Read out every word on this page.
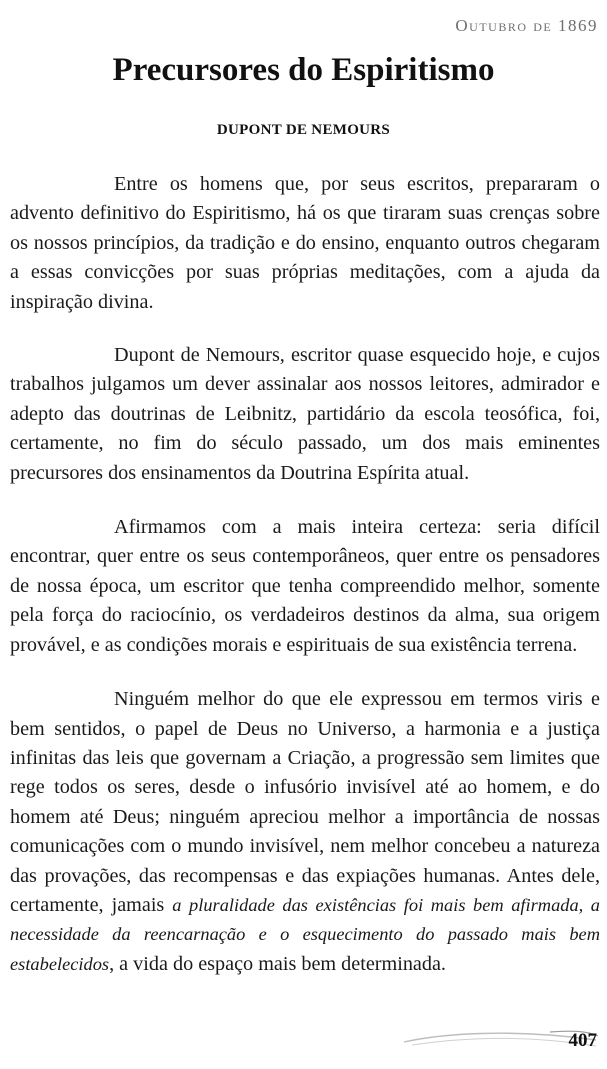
Outubro de 1869
Precursores do Espiritismo
DUPONT DE NEMOURS

Entre os homens que, por seus escritos, prepararam o advento definitivo do Espiritismo, há os que tiraram suas crenças sobre os nossos princípios, da tradição e do ensino, enquanto outros chegaram a essas convicções por suas próprias meditações, com a ajuda da inspiração divina.

Dupont de Nemours, escritor quase esquecido hoje, e cujos trabalhos julgamos um dever assinalar aos nossos leitores, admirador e adepto das doutrinas de Leibnitz, partidário da escola teosófica, foi, certamente, no fim do século passado, um dos mais eminentes precursores dos ensinamentos da Doutrina Espírita atual.

Afirmamos com a mais inteira certeza: seria difícil encontrar, quer entre os seus contemporâneos, quer entre os pensadores de nossa época, um escritor que tenha compreendido melhor, somente pela força do raciocínio, os verdadeiros destinos da alma, sua origem provável, e as condições morais e espirituais de sua existência terrena.

Ninguém melhor do que ele expressou em termos viris e bem sentidos, o papel de Deus no Universo, a harmonia e a justiça infinitas das leis que governam a Criação, a progressão sem limites que rege todos os seres, desde o infusório invisível até ao homem, e do homem até Deus; ninguém apreciou melhor a importância de nossas comunicações com o mundo invisível, nem melhor concebeu a natureza das provações, das recompensas e das expiações humanas. Antes dele, certamente, jamais a pluralidade das existências foi mais bem afirmada, a necessidade da reencarnação e o esquecimento do passado mais bem estabelecidos, a vida do espaço mais bem determinada.

407
